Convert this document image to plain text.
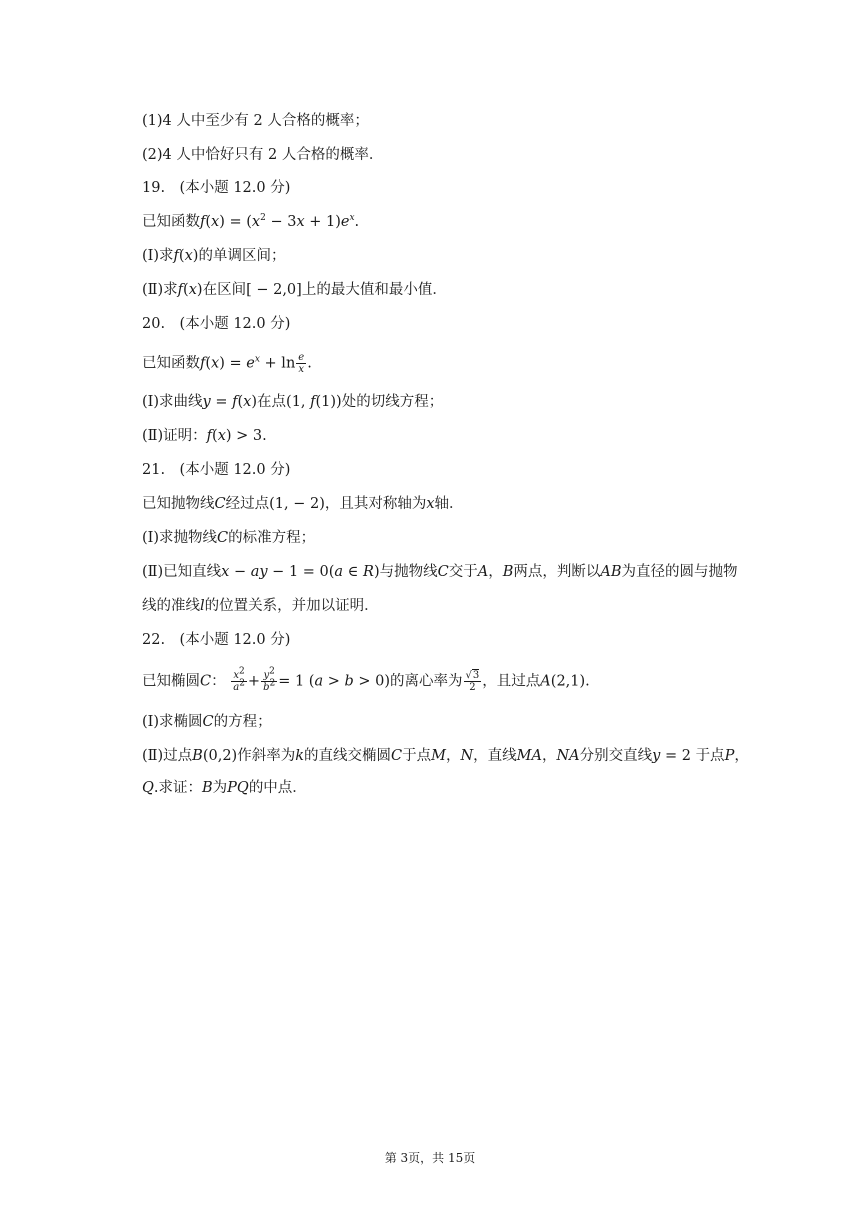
(1)4 人中至少有 2 人合格的概率；
(2)4 人中恰好只有 2 人合格的概率．
19.　(本小题 12.0 分)
已知函数$f(x) = (x^2 - 3x + 1)e^x$.
(Ⅰ)求f(x)的单调区间；
(Ⅱ)求f(x)在区间[ − 2,0]上的最大值和最小值．
20.　(本小题 12.0 分)
已知函数$f(x) = e^x + \ln \frac{e}{x}$ .
(Ⅰ)求曲线y = f(x)在点(1, f(1))处的切线方程；
(Ⅱ)证明：f(x) > 3.
21.　(本小题 12.0 分)
已知抛物线C经过点(1, − 2)，且其对称轴为x轴．
(Ⅰ)求抛物线C的标准方程；
(Ⅱ)已知直线x − ay − 1 = 0(a ∈ R)与抛物线C交于A，B两点，判断以AB为直径的圆与抛物
线的准线l的位置关系，并加以证明．
22.　(本小题 12.0 分)
已知椭圆C： $\frac{x^2}{a^2} + \frac{y^2}{b^2} = 1$ (a > b > 0)的离心率为 $\frac{√3}{2}$ ，且过点A(2,1).
(Ⅰ)求椭圆C的方程；
(Ⅱ)过点B(0,2)作斜率为k的直线交椭圆C于点M，N，直线MA，NA分别交直线y = 2 于点P，
Q.求证：B为PQ的中点．
第 3页，共 15页
